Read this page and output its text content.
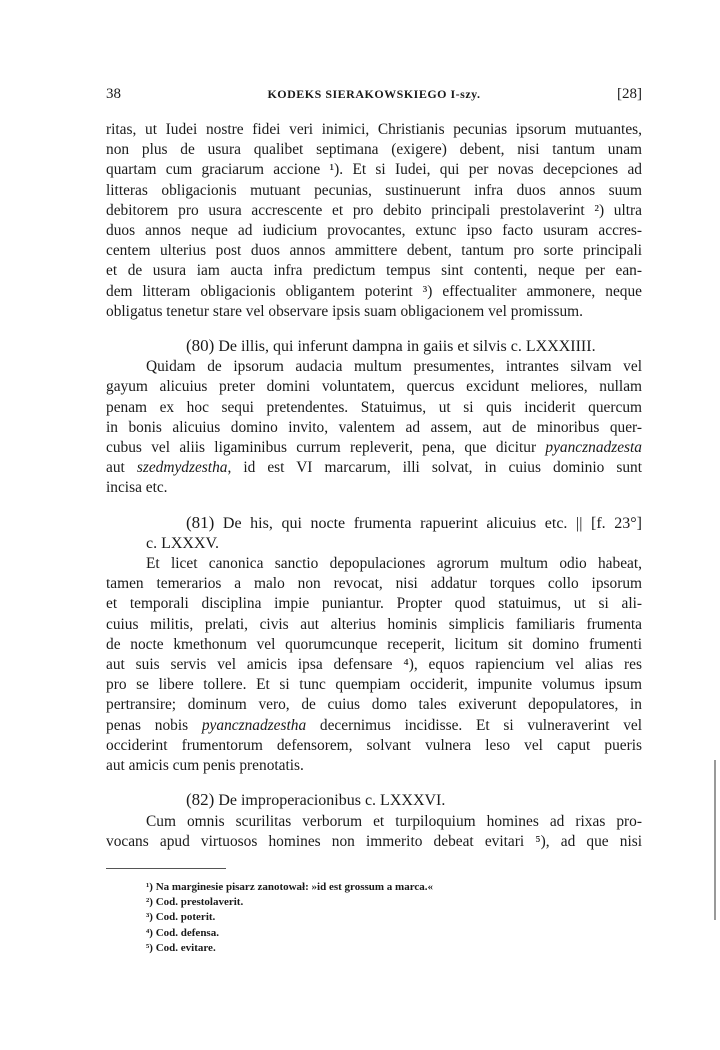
38	KODEKS SIERAKOWSKIEGO I-szy.	[28]
ritas, ut Iudei nostre fidei veri inimici, Christianis pecunias ipsorum mutuantes,
non plus de usura qualibet septimana (exigere) debent, nisi tantum unam
quartam cum graciarum accione ¹). Et si Iudei, qui per novas decepciones ad
litteras obligacionis mutuant pecunias, sustinuerunt infra duos annos suum
debitorem pro usura accrescente et pro debito principali prestolaverint ²) ultra
duos annos neque ad iudicium provocantes, extunc ipso facto usuram accres-
centem ulterius post duos annos ammittere debent, tantum pro sorte principali
et de usura iam aucta infra predictum tempus sint contenti, neque per ean-
dem litteram obligacionis obligantem poterint ³) effectualiter ammonere, neque
obligatus tenetur stare vel observare ipsis suam obligacionem vel promissum.
(80) De illis, qui inferunt dampna in gaiis et silvis c. LXXXIIII.
Quidam de ipsorum audacia multum presumentes, intrantes silvam vel
gayum alicuius preter domini voluntatem, quercus excidunt meliores, nullam
penam ex hoc sequi pretendentes. Statuimus, ut si quis inciderit quercum
in bonis alicuius domino invito, valentem ad assem, aut de minoribus quer-
cubus vel aliis ligaminibus currum repleverit, pena, que dicitur pyancznadzesta
aut szedmydzestha, id est VI marcarum, illi solvat, in cuius dominio sunt
incisa etc.
(81) De his, qui nocte frumenta rapuerint alicuius etc. || [f. 23°]
c. LXXXV.
Et licet canonica sanctio depopulaciones agrorum multum odio habeat,
tamen temerarios a malo non revocat, nisi addatur torques collo ipsorum
et temporali disciplina impie puniantur. Propter quod statuimus, ut si ali-
cuius militis, prelati, civis aut alterius hominis simplicis familiaris frumenta
de nocte kmethonum vel quorumcunque receperit, licitum sit domino frumenti
aut suis servis vel amicis ipsa defensare ⁴), equos rapiencium vel alias res
pro se libere tollere. Et si tunc quempiam occiderit, impunite volumus ipsum
pertransire; dominum vero, de cuius domo tales exiverunt depopulatores, in
penas nobis pyancznadzestha decernimus incidisse. Et si vulneraverint vel
occiderint frumentorum defensorem, solvant vulnera leso vel caput pueris
aut amicis cum penis prenotatis.
(82) De improperacionibus c. LXXXVI.
Cum omnis scurilitas verborum et turpiloquium homines ad rixas pro-
vocans apud virtuosos homines non immerito debeat evitari ⁵), ad que nisi
¹) Na marginesie pisarz zanotował: »id est grossum a marca.«
²) Cod. prestolaverit.
³) Cod. poterit.
⁴) Cod. defensa.
⁵) Cod. evitare.
